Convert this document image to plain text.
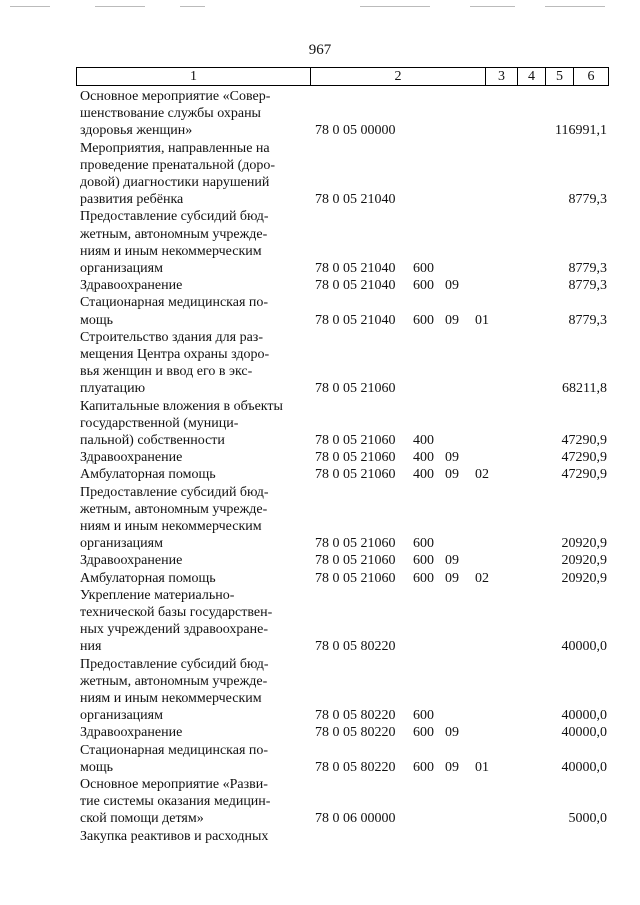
967
1	2	3	4	5	6
Основное мероприятие «Совер-
шенствование службы охраны
здоровья женщин»	78 0 05 00000	116991,1
Мероприятия, направленные на
проведение пренатальной (доро-
довой) диагностики нарушений
развития ребёнка	78 0 05 21040	8779,3
Предоставление субсидий бюд-
жетным, автономным учрежде-
ниям и иным некоммерческим
организациям	78 0 05 21040 600	8779,3
Здравоохранение	78 0 05 21040 600 09	8779,3
Стационарная медицинская по-
мощь	78 0 05 21040 600 09 01	8779,3
Строительство здания для раз-
мещения Центра охраны здоро-
вья женщин и ввод его в экс-
плуатацию	78 0 05 21060	68211,8
Капитальные вложения в объекты
государственной (муници-
пальной) собственности	78 0 05 21060 400	47290,9
Здравоохранение	78 0 05 21060 400 09	47290,9
Амбулаторная помощь	78 0 05 21060 400 09 02	47290,9
Предоставление субсидий бюд-
жетным, автономным учрежде-
ниям и иным некоммерческим
организациям	78 0 05 21060 600	20920,9
Здравоохранение	78 0 05 21060 600 09	20920,9
Амбулаторная помощь	78 0 05 21060 600 09 02	20920,9
Укрепление материально-
технической базы государствен-
ных учреждений здравоохране-
ния	78 0 05 80220	40000,0
Предоставление субсидий бюд-
жетным, автономным учрежде-
ниям и иным некоммерческим
организациям	78 0 05 80220 600	40000,0
Здравоохранение	78 0 05 80220 600 09	40000,0
Стационарная медицинская по-
мощь	78 0 05 80220 600 09 01	40000,0
Основное мероприятие «Разви-
тие системы оказания медицин-
ской помощи детям»	78 0 06 00000	5000,0
Закупка реактивов и расходных
